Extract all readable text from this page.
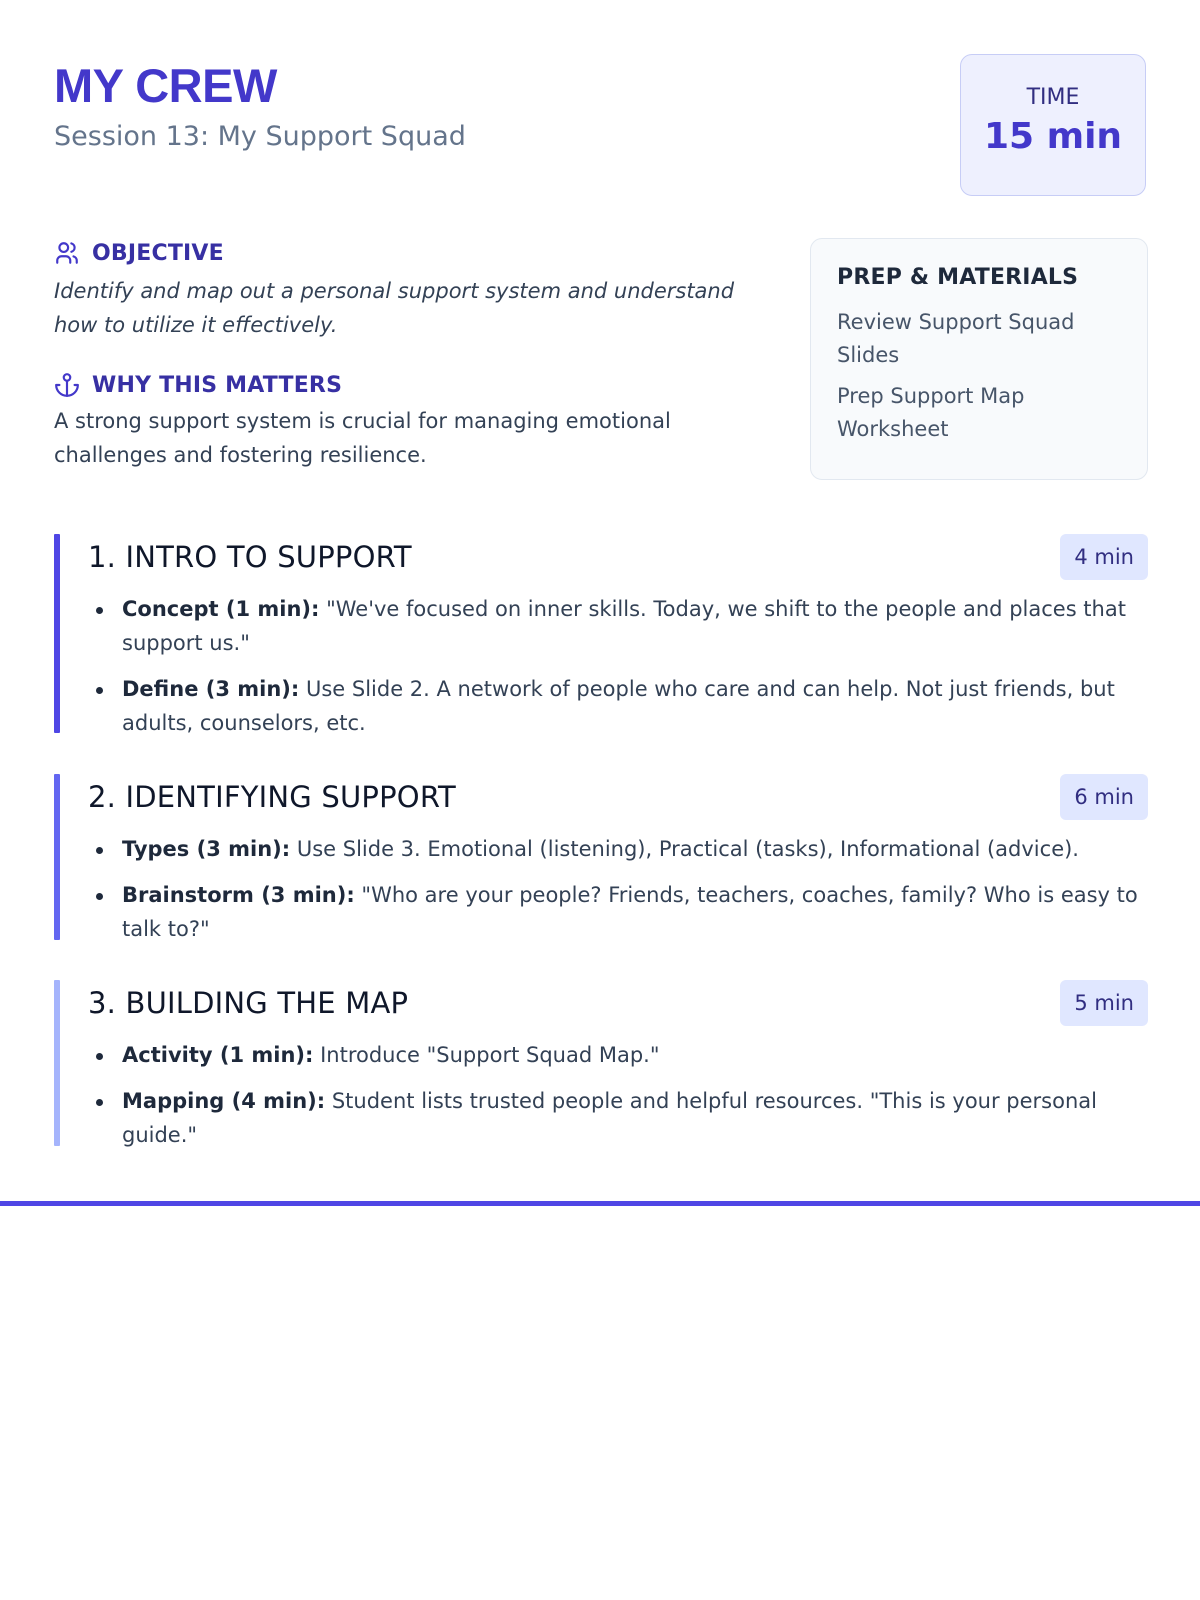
MY CREW
Session 13: My Support Squad
TIME
15 min
OBJECTIVE
Identify and map out a personal support system and understand how to utilize it effectively.
WHY THIS MATTERS
A strong support system is crucial for managing emotional challenges and fostering resilience.
PREP & MATERIALS
Review Support Squad Slides
Prep Support Map Worksheet
1. INTRO TO SUPPORT	4 min
Concept (1 min): "We've focused on inner skills. Today, we shift to the people and places that support us."
Define (3 min): Use Slide 2. A network of people who care and can help. Not just friends, but adults, counselors, etc.
2. IDENTIFYING SUPPORT	6 min
Types (3 min): Use Slide 3. Emotional (listening), Practical (tasks), Informational (advice).
Brainstorm (3 min): "Who are your people? Friends, teachers, coaches, family? Who is easy to talk to?"
3. BUILDING THE MAP	5 min
Activity (1 min): Introduce "Support Squad Map."
Mapping (4 min): Student lists trusted people and helpful resources. "This is your personal guide."
